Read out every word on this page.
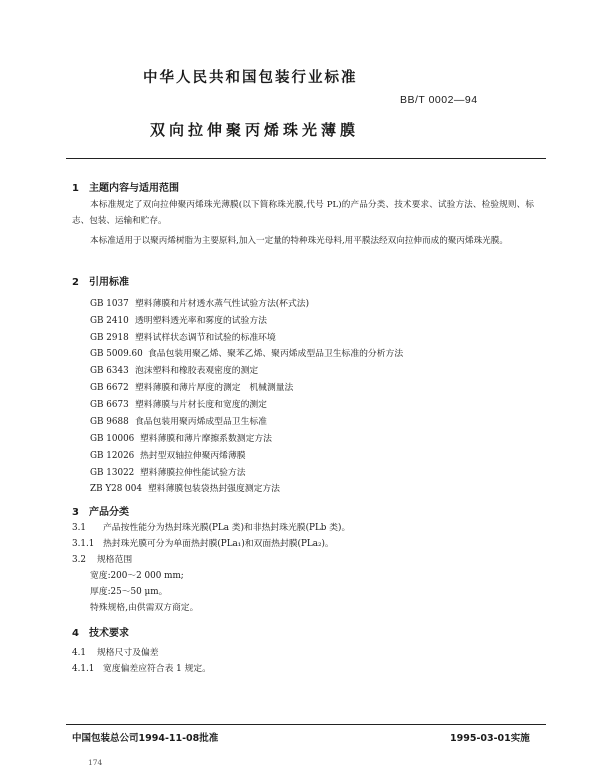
中华人民共和国包装行业标准
BB/T 0002—94
双向拉伸聚丙烯珠光薄膜
1 主题内容与适用范围
本标准规定了双向拉伸聚丙烯珠光薄膜(以下简称珠光膜,代号 PL)的产品分类、技术要求、试验方法、检验规则、标志、包装、运输和贮存。
本标准适用于以聚丙烯树脂为主要原料,加入一定量的特种珠光母料,用平膜法经双向拉伸而成的聚丙烯珠光膜。
2 引用标准
GB 1037 塑料薄膜和片材透水蒸气性试验方法(杯式法)
GB 2410 透明塑料透光率和雾度的试验方法
GB 2918 塑料试样状态调节和试验的标准环境
GB 5009.60 食品包装用聚乙烯、聚苯乙烯、聚丙烯成型品卫生标准的分析方法
GB 6343 泡沫塑料和橡胶表观密度的测定
GB 6672 塑料薄膜和薄片厚度的测定　机械测量法
GB 6673 塑料薄膜与片材长度和宽度的测定
GB 9688 食品包装用聚丙烯成型品卫生标准
GB 10006 塑料薄膜和薄片摩擦系数测定方法
GB 12026 热封型双轴拉伸聚丙烯薄膜
GB 13022 塑料薄膜拉伸性能试验方法
ZB Y28 004 塑料薄膜包装袋热封强度测定方法
3 产品分类
3.1 产品按性能分为热封珠光膜(PLa 类)和非热封珠光膜(PLb 类)。
3.1.1 热封珠光膜可分为单面热封膜(PLa₁)和双面热封膜(PLa₂)。
3.2 规格范围
宽度:200～2 000 mm;
厚度:25～50 μm。
特殊规格,由供需双方商定。
4 技术要求
4.1 规格尺寸及偏差
4.1.1 宽度偏差应符合表 1 规定。
中国包装总公司1994-11-08批准	1995-03-01实施
174
